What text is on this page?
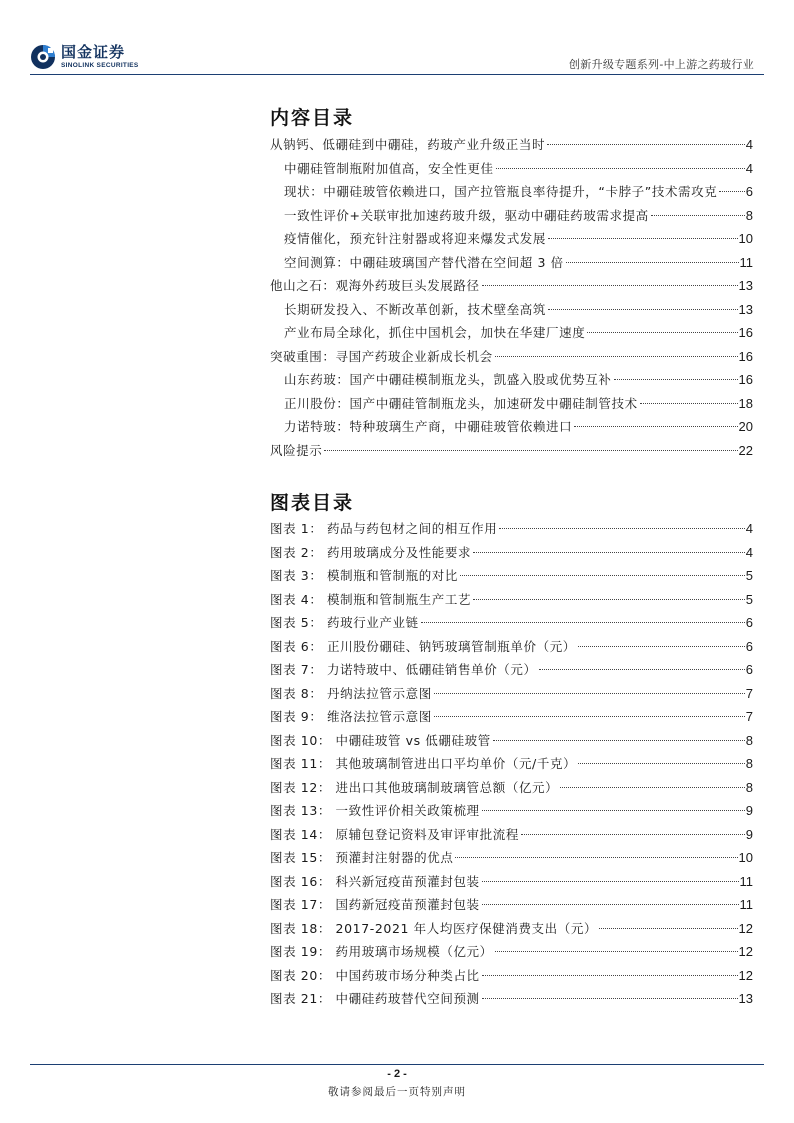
国金证券
SINOLINK SECURITIES	创新升级专题系列-中上游之药玻行业
内容目录
从钠钙、低硼硅到中硼硅，药玻产业升级正当时	4
中硼硅管制瓶附加值高，安全性更佳	4
现状：中硼硅玻管依赖进口，国产拉管瓶良率待提升，“卡脖子”技术需攻克 6
一致性评价+关联审批加速药玻升级，驱动中硼硅药玻需求提高	8
疫情催化，预充针注射器或将迎来爆发式发展	10
空间测算：中硼硅玻璃国产替代潜在空间超 3 倍	11
他山之石：观海外药玻巨头发展路径	13
长期研发投入、不断改革创新，技术壁垒高筑	13
产业布局全球化，抓住中国机会，加快在华建厂速度	16
突破重围：寻国产药玻企业新成长机会	16
山东药玻：国产中硼硅模制瓶龙头，凯盛入股或优势互补	16
正川股份：国产中硼硅管制瓶龙头，加速研发中硼硅制管技术	18
力诺特玻：特种玻璃生产商，中硼硅玻管依赖进口	20
风险提示	22
图表目录
图表 1： 药品与药包材之间的相互作用	4
图表 2： 药用玻璃成分及性能要求	4
图表 3： 模制瓶和管制瓶的对比	5
图表 4： 模制瓶和管制瓶生产工艺	5
图表 5： 药玻行业产业链	6
图表 6： 正川股份硼硅、钠钙玻璃管制瓶单价（元）	6
图表 7： 力诺特玻中、低硼硅销售单价（元）	6
图表 8： 丹纳法拉管示意图	7
图表 9： 维洛法拉管示意图	7
图表 10： 中硼硅玻管 vs 低硼硅玻管	8
图表 11： 其他玻璃制管进出口平均单价（元/千克）	8
图表 12： 进出口其他玻璃制玻璃管总额（亿元）	8
图表 13： 一致性评价相关政策梳理	9
图表 14： 原辅包登记资料及审评审批流程	9
图表 15： 预灌封注射器的优点	10
图表 16： 科兴新冠疫苗预灌封包装	11
图表 17： 国药新冠疫苗预灌封包装	11
图表 18： 2017-2021 年人均医疗保健消费支出（元）	12
图表 19： 药用玻璃市场规模（亿元）	12
图表 20： 中国药玻市场分种类占比	12
图表 21： 中硼硅药玻替代空间预测	13
- 2 -
敬请参阅最后一页特别声明
